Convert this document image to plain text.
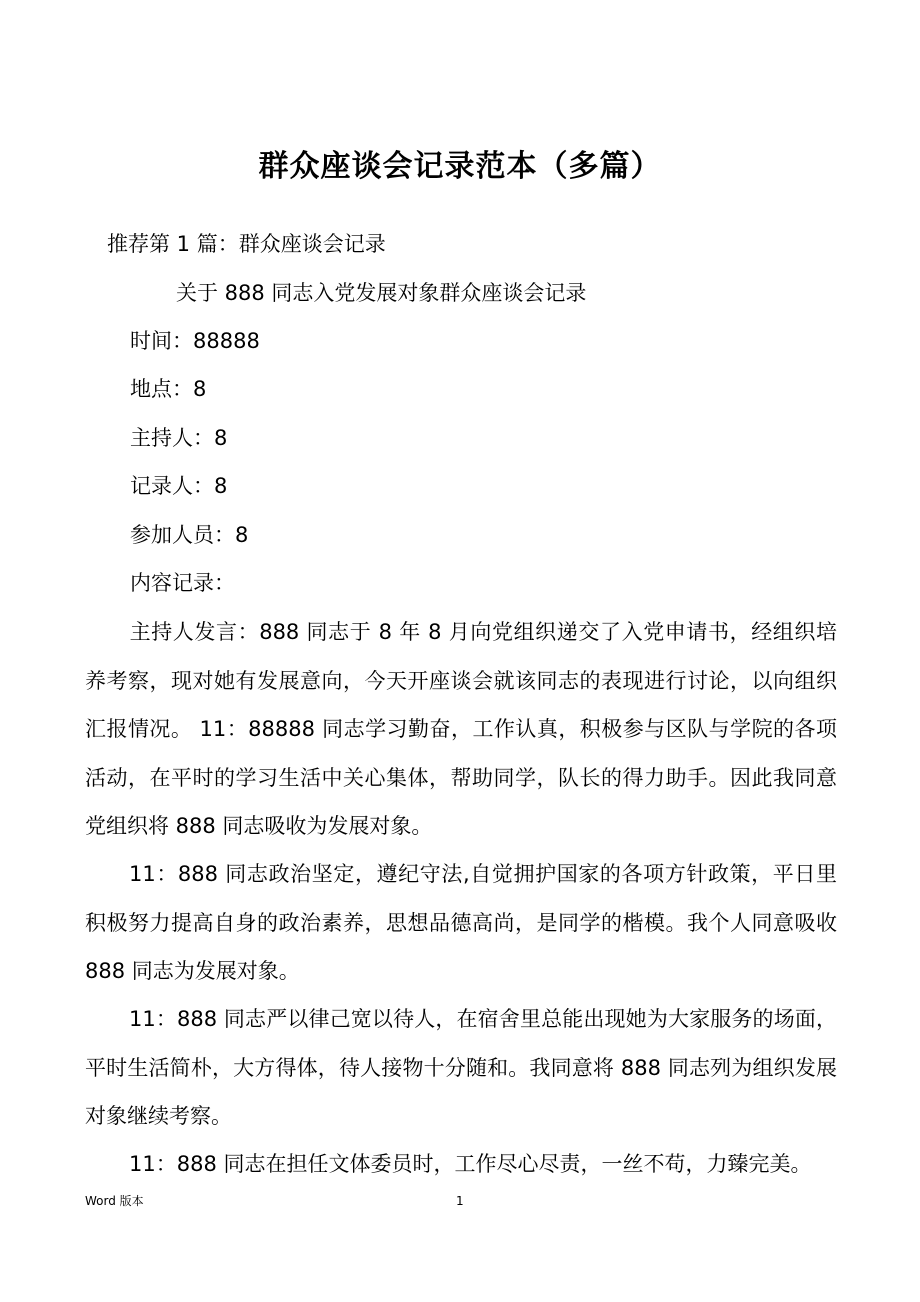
群众座谈会记录范本（多篇）
推荐第 1 篇：群众座谈会记录
关于 888 同志入党发展对象群众座谈会记录
时间：88888
地点：8
主持人：8
记录人：8
参加人员：8
内容记录：
主持人发言：888 同志于 8 年 8 月向党组织递交了入党申请书，经组织培养考察，现对她有发展意向，今天开座谈会就该同志的表现进行讨论，以向组织汇报情况。 11：88888 同志学习勤奋，工作认真，积极参与区队与学院的各项活动，在平时的学习生活中关心集体，帮助同学，队长的得力助手。因此我同意党组织将 888 同志吸收为发展对象。
11：888 同志政治坚定，遵纪守法,自觉拥护国家的各项方针政策，平日里积极努力提高自身的政治素养，思想品德高尚，是同学的楷模。我个人同意吸收 888 同志为发展对象。
11：888 同志严以律己宽以待人，在宿舍里总能出现她为大家服务的场面，平时生活简朴，大方得体，待人接物十分随和。我同意将 888 同志列为组织发展对象继续考察。
11：888 同志在担任文体委员时，工作尽心尽责，一丝不苟，力臻完美。
Word 版本	1
